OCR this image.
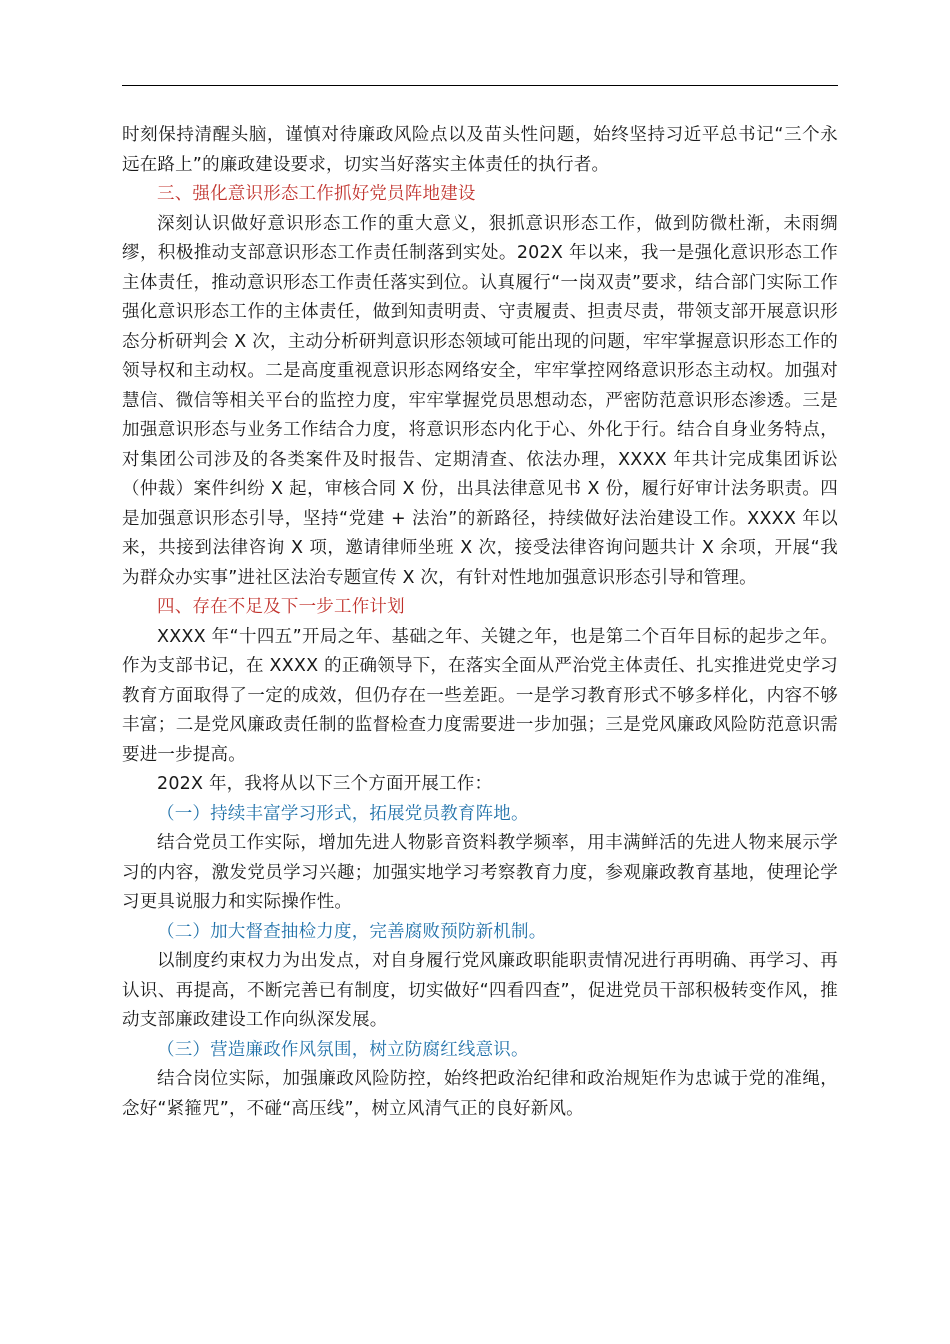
时刻保持清醒头脑，谨慎对待廉政风险点以及苗头性问题，始终坚持习近平总书记“三个永远在路上”的廉政建设要求，切实当好落实主体责任的执行者。

三、强化意识形态工作抓好党员阵地建设

深刻认识做好意识形态工作的重大意义，狠抓意识形态工作，做到防微杜渐，未雨绸缪，积极推动支部意识形态工作责任制落到实处。202X 年以来，我一是强化意识形态工作主体责任，推动意识形态工作责任落实到位。认真履行“一岗双责”要求，结合部门实际工作强化意识形态工作的主体责任，做到知责明责、守责履责、担责尽责，带领支部开展意识形态分析研判会 X 次，主动分析研判意识形态领域可能出现的问题，牢牢掌握意识形态工作的领导权和主动权。二是高度重视意识形态网络安全，牢牢掌控网络意识形态主动权。加强对慧信、微信等相关平台的监控力度，牢牢掌握党员思想动态，严密防范意识形态渗透。三是加强意识形态与业务工作结合力度，将意识形态内化于心、外化于行。结合自身业务特点，对集团公司涉及的各类案件及时报告、定期清查、依法办理，XXXX 年共计完成集团诉讼（仲裁）案件纠纷 X 起，审核合同 X 份，出具法律意见书 X 份，履行好审计法务职责。四是加强意识形态引导，坚持“党建 + 法治”的新路径，持续做好法治建设工作。XXXX 年以来，共接到法律咨询 X 项，邀请律师坐班 X 次，接受法律咨询问题共计 X 余项，开展“我为群众办实事”进社区法治专题宣传 X 次，有针对性地加强意识形态引导和管理。

四、存在不足及下一步工作计划

XXXX 年“十四五”开局之年、基础之年、关键之年，也是第二个百年目标的起步之年。作为支部书记，在 XXXX 的正确领导下，在落实全面从严治党主体责任、扎实推进党史学习教育方面取得了一定的成效，但仍存在一些差距。一是学习教育形式不够多样化，内容不够丰富；二是党风廉政责任制的监督检查力度需要进一步加强；三是党风廉政风险防范意识需要进一步提高。

202X 年，我将从以下三个方面开展工作：

（一）持续丰富学习形式，拓展党员教育阵地。

结合党员工作实际，增加先进人物影音资料教学频率，用丰满鲜活的先进人物来展示学习的内容，激发党员学习兴趣；加强实地学习考察教育力度，参观廉政教育基地，使理论学习更具说服力和实际操作性。

（二）加大督查抽检力度，完善腐败预防新机制。

以制度约束权力为出发点，对自身履行党风廉政职能职责情况进行再明确、再学习、再认识、再提高，不断完善已有制度，切实做好“四看四查”，促进党员干部积极转变作风，推动支部廉政建设工作向纵深发展。

（三）营造廉政作风氛围，树立防腐红线意识。

结合岗位实际，加强廉政风险防控，始终把政治纪律和政治规矩作为忠诚于党的准绳，念好“紧箍咒”，不碰“高压线”，树立风清气正的良好新风。
